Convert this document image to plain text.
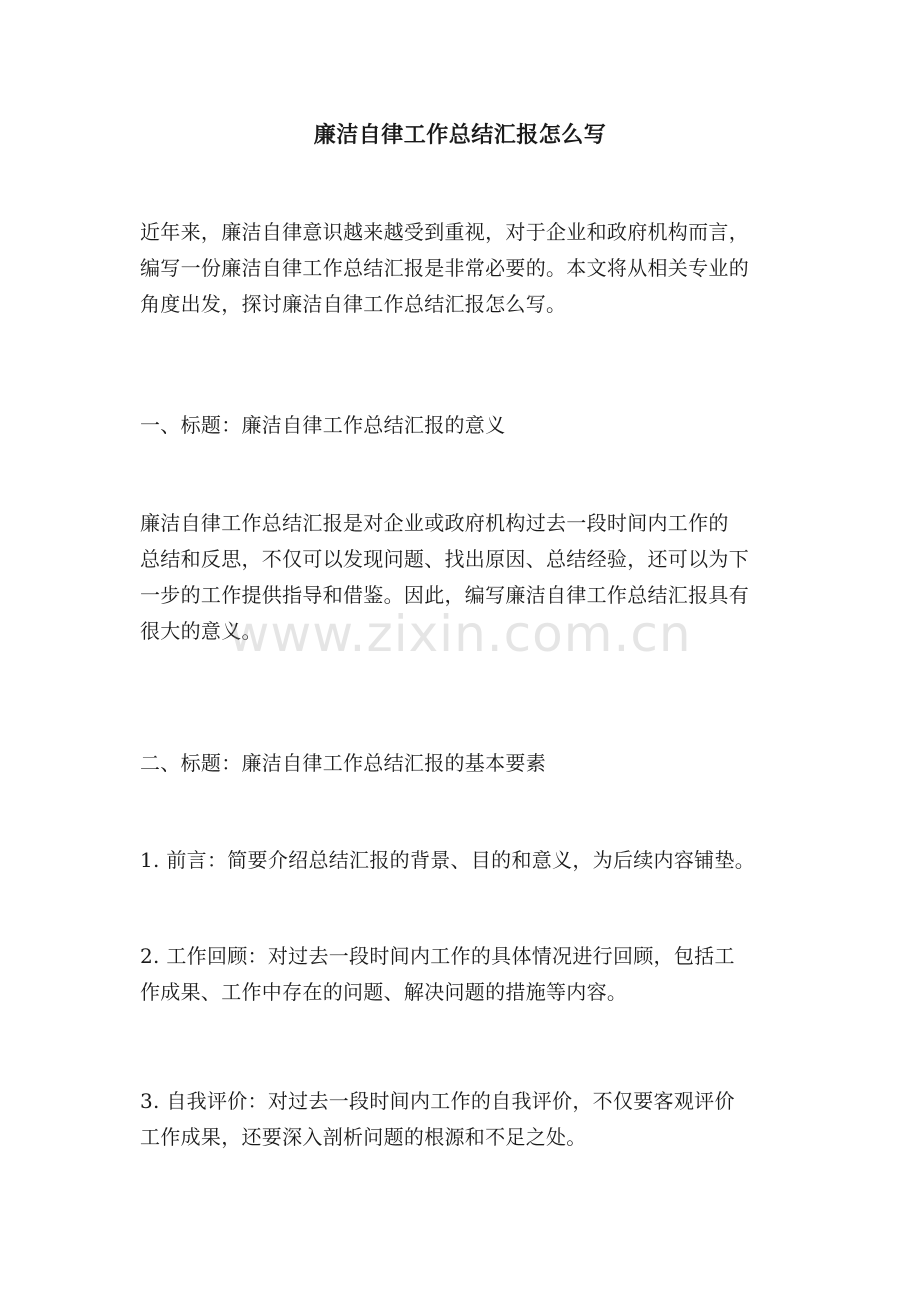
廉洁自律工作总结汇报怎么写
近年来，廉洁自律意识越来越受到重视，对于企业和政府机构而言，
编写一份廉洁自律工作总结汇报是非常必要的。本文将从相关专业的
角度出发，探讨廉洁自律工作总结汇报怎么写。
一、标题：廉洁自律工作总结汇报的意义
廉洁自律工作总结汇报是对企业或政府机构过去一段时间内工作的
总结和反思，不仅可以发现问题、找出原因、总结经验，还可以为下
一步的工作提供指导和借鉴。因此，编写廉洁自律工作总结汇报具有
很大的意义。
二、标题：廉洁自律工作总结汇报的基本要素
1. 前言：简要介绍总结汇报的背景、目的和意义，为后续内容铺垫。
2. 工作回顾：对过去一段时间内工作的具体情况进行回顾，包括工
作成果、工作中存在的问题、解决问题的措施等内容。
3. 自我评价：对过去一段时间内工作的自我评价，不仅要客观评价
工作成果，还要深入剖析问题的根源和不足之处。
www.zixin.com.cn
